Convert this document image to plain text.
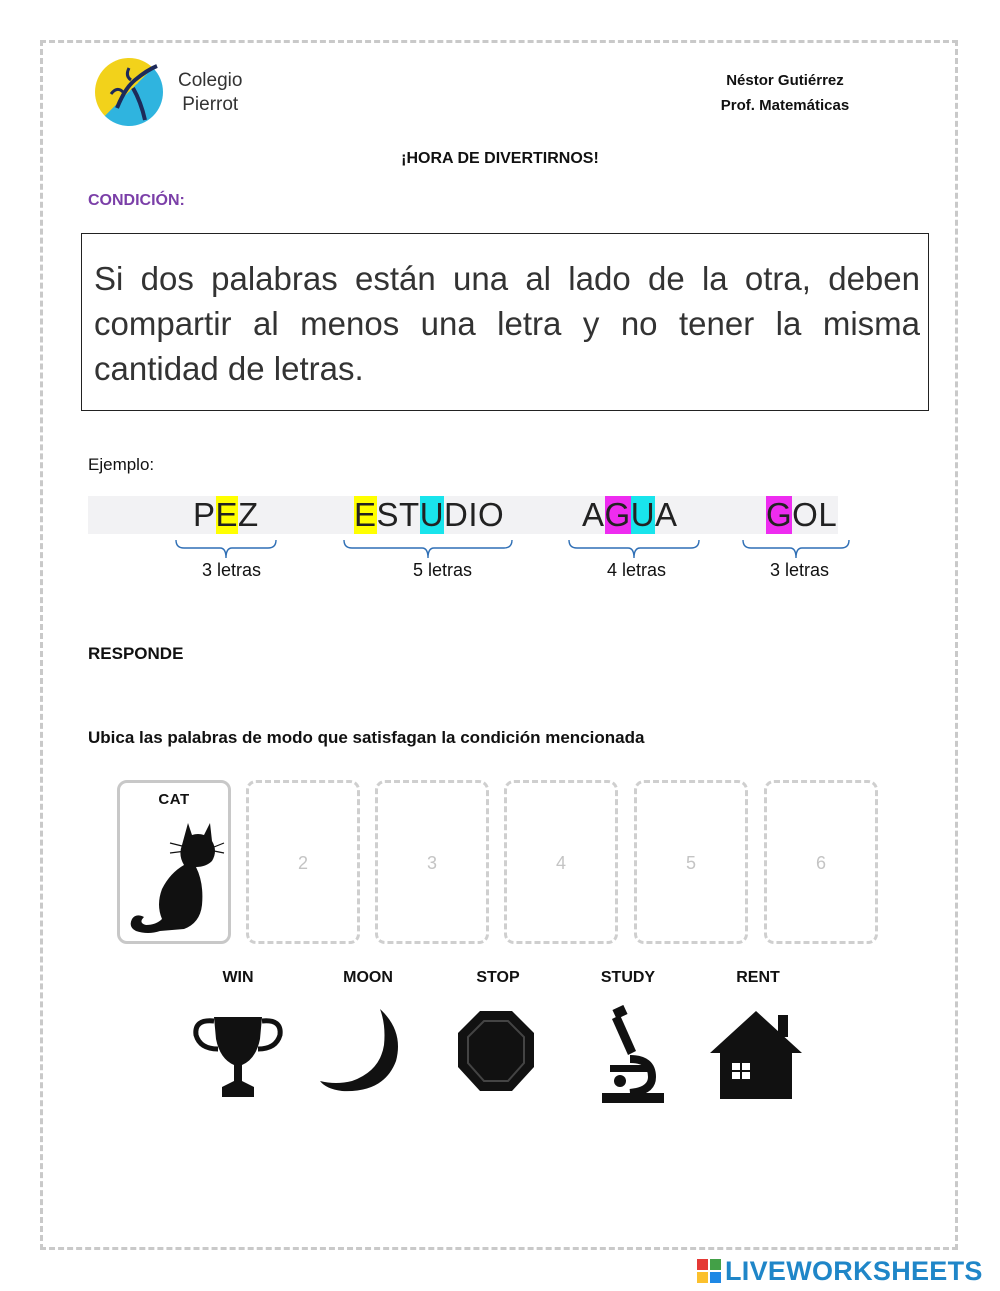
Colegio
Pierrot
Néstor Gutiérrez
Prof. Matemáticas
¡HORA DE DIVERTIRNOS!
CONDICIÓN:
Si dos palabras están una al lado de la otra, deben compartir al menos una letra y no tener la misma cantidad de letras.
Ejemplo:
PEZ	ESTUDIO AGUA	GOL
3 letras	5 letras	4 letras	3 letras
RESPONDE
Ubica las palabras de modo que satisfagan la condición mencionada
CAT
2	3	4	5	6
WIN	MOON	STOP	STUDY	RENT
LIVEWORKSHEETS
